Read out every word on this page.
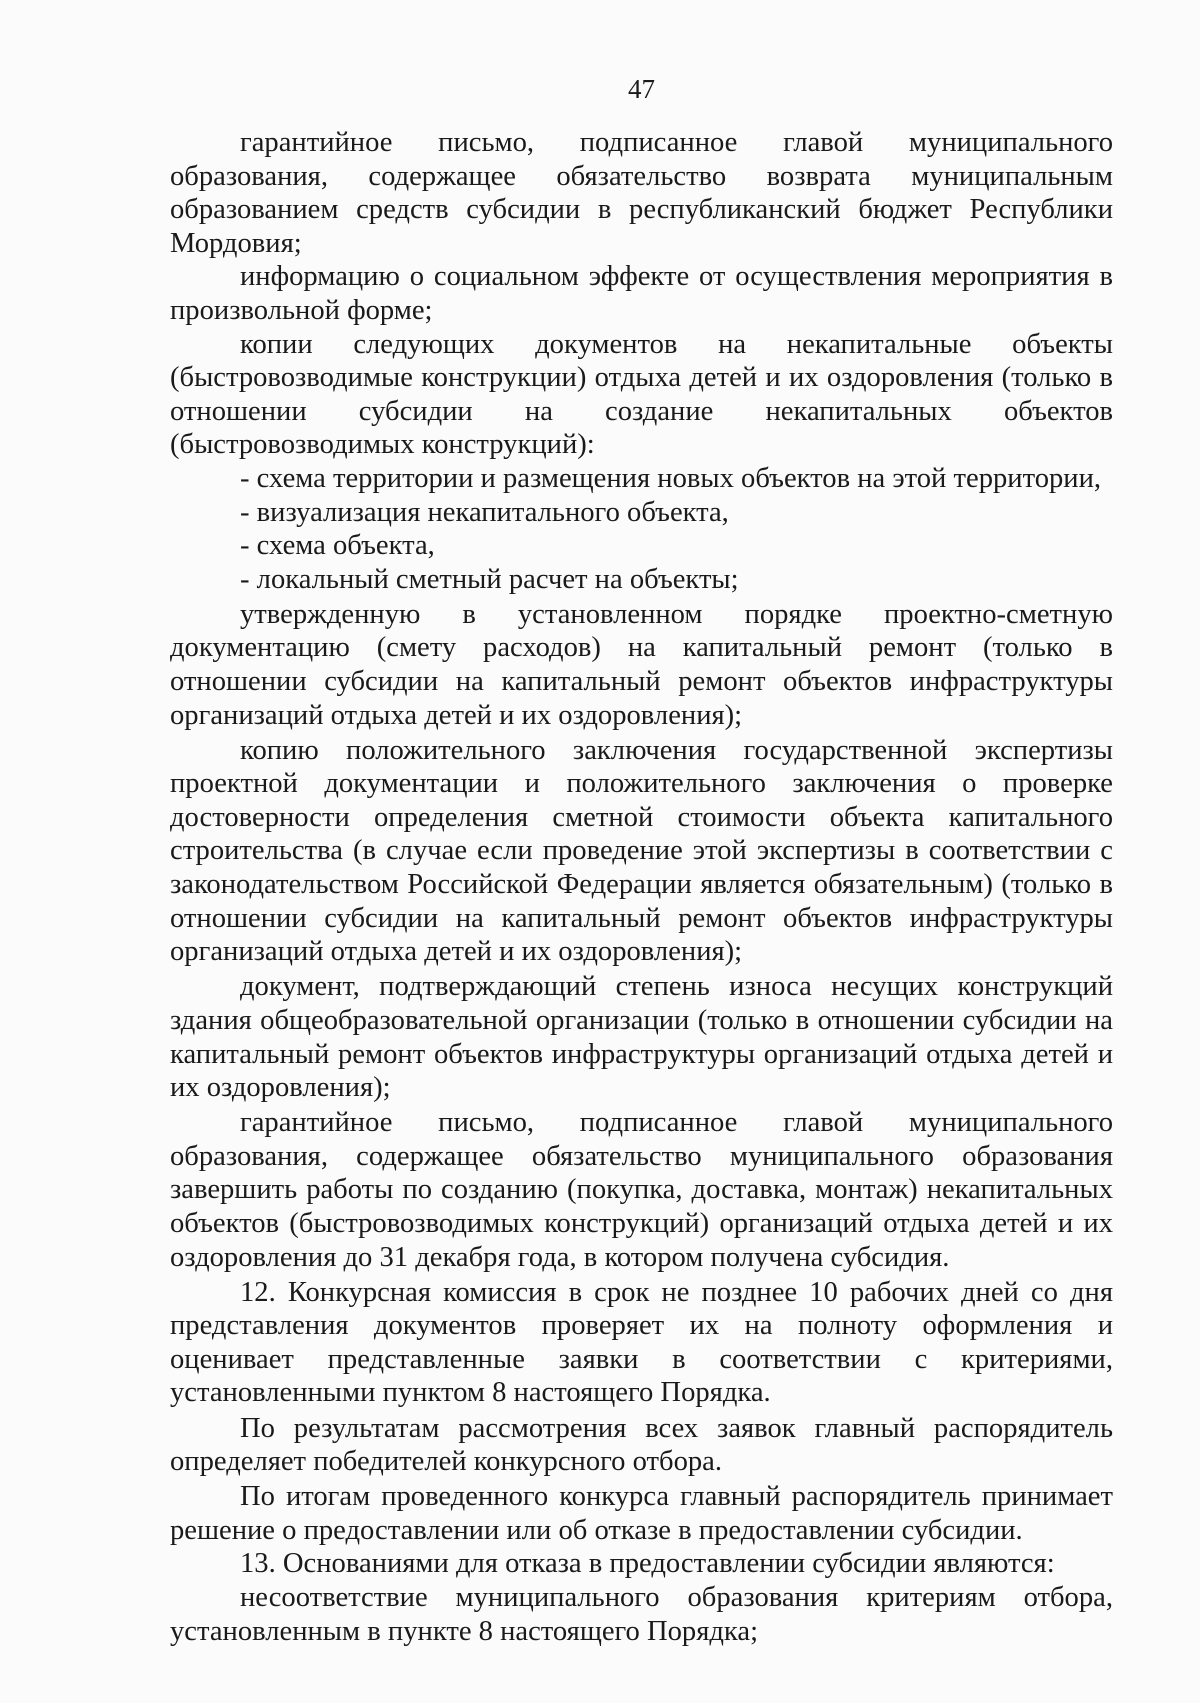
47

гарантийное письмо, подписанное главой муниципального образования, содержащее обязательство возврата муниципальным образованием средств субсидии в республиканский бюджет Республики Мордовия;

информацию о социальном эффекте от осуществления мероприятия в произвольной форме;

копии следующих документов на некапитальные объекты (быстровозводимые конструкции) отдыха детей и их оздоровления (только в отношении субсидии на создание некапитальных объектов (быстровозводимых конструкций):

- схема территории и размещения новых объектов на этой территории,

- визуализация некапитального объекта,

- схема объекта,

- локальный сметный расчет на объекты;

утвержденную в установленном порядке проектно-сметную документацию (смету расходов) на капитальный ремонт (только в отношении субсидии на капитальный ремонт объектов инфраструктуры организаций отдыха детей и их оздоровления);

копию положительного заключения государственной экспертизы проектной документации и положительного заключения о проверке достоверности определения сметной стоимости объекта капитального строительства (в случае если проведение этой экспертизы в соответствии с законодательством Российской Федерации является обязательным) (только в отношении субсидии на капитальный ремонт объектов инфраструктуры организаций отдыха детей и их оздоровления);

документ, подтверждающий степень износа несущих конструкций здания общеобразовательной организации (только в отношении субсидии на капитальный ремонт объектов инфраструктуры организаций отдыха детей и их оздоровления);

гарантийное письмо, подписанное главой муниципального образования, содержащее обязательство муниципального образования завершить работы по созданию (покупка, доставка, монтаж) некапитальных объектов (быстровозводимых конструкций) организаций отдыха детей и их оздоровления до 31 декабря года, в котором получена субсидия.

12. Конкурсная комиссия в срок не позднее 10 рабочих дней со дня представления документов проверяет их на полноту оформления и оценивает представленные заявки в соответствии с критериями, установленными пунктом 8 настоящего Порядка.

По результатам рассмотрения всех заявок главный распорядитель определяет победителей конкурсного отбора.

По итогам проведенного конкурса главный распорядитель принимает решение о предоставлении или об отказе в предоставлении субсидии.

13. Основаниями для отказа в предоставлении субсидии являются:

несоответствие муниципального образования критериям отбора, установленным в пункте 8 настоящего Порядка;
